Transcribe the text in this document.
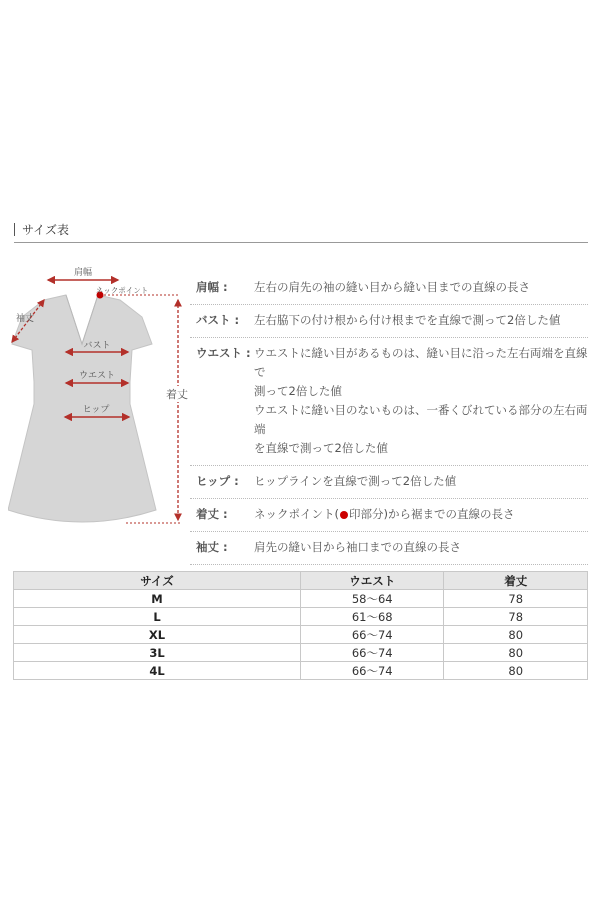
サイズ表
肩幅
ネックポイント
袖丈
バスト
ウエスト
ヒップ
着丈
肩幅 :	左右の肩先の袖の縫い目から縫い目までの直線の長さ
バスト :	左右脇下の付け根から付け根までを直線で測って2倍した値
ウエスト : ウエストに縫い目があるものは、縫い目に沿った左右両端を直線で
測って2倍した値
ウエストに縫い目のないものは、一番くびれている部分の左右両端
を直線で測って2倍した値
ヒップ :	ヒップラインを直線で測って2倍した値
着丈 :	ネックポイント( 印部分)から裾までの直線の長さ
袖丈 :	肩先の縫い目から袖口までの直線の長さ
サイズ	ウエスト	着丈
M	58～64	78
L	61～68	78
XL	66～74	80
3L	66～74	80
4L	66～74	80
